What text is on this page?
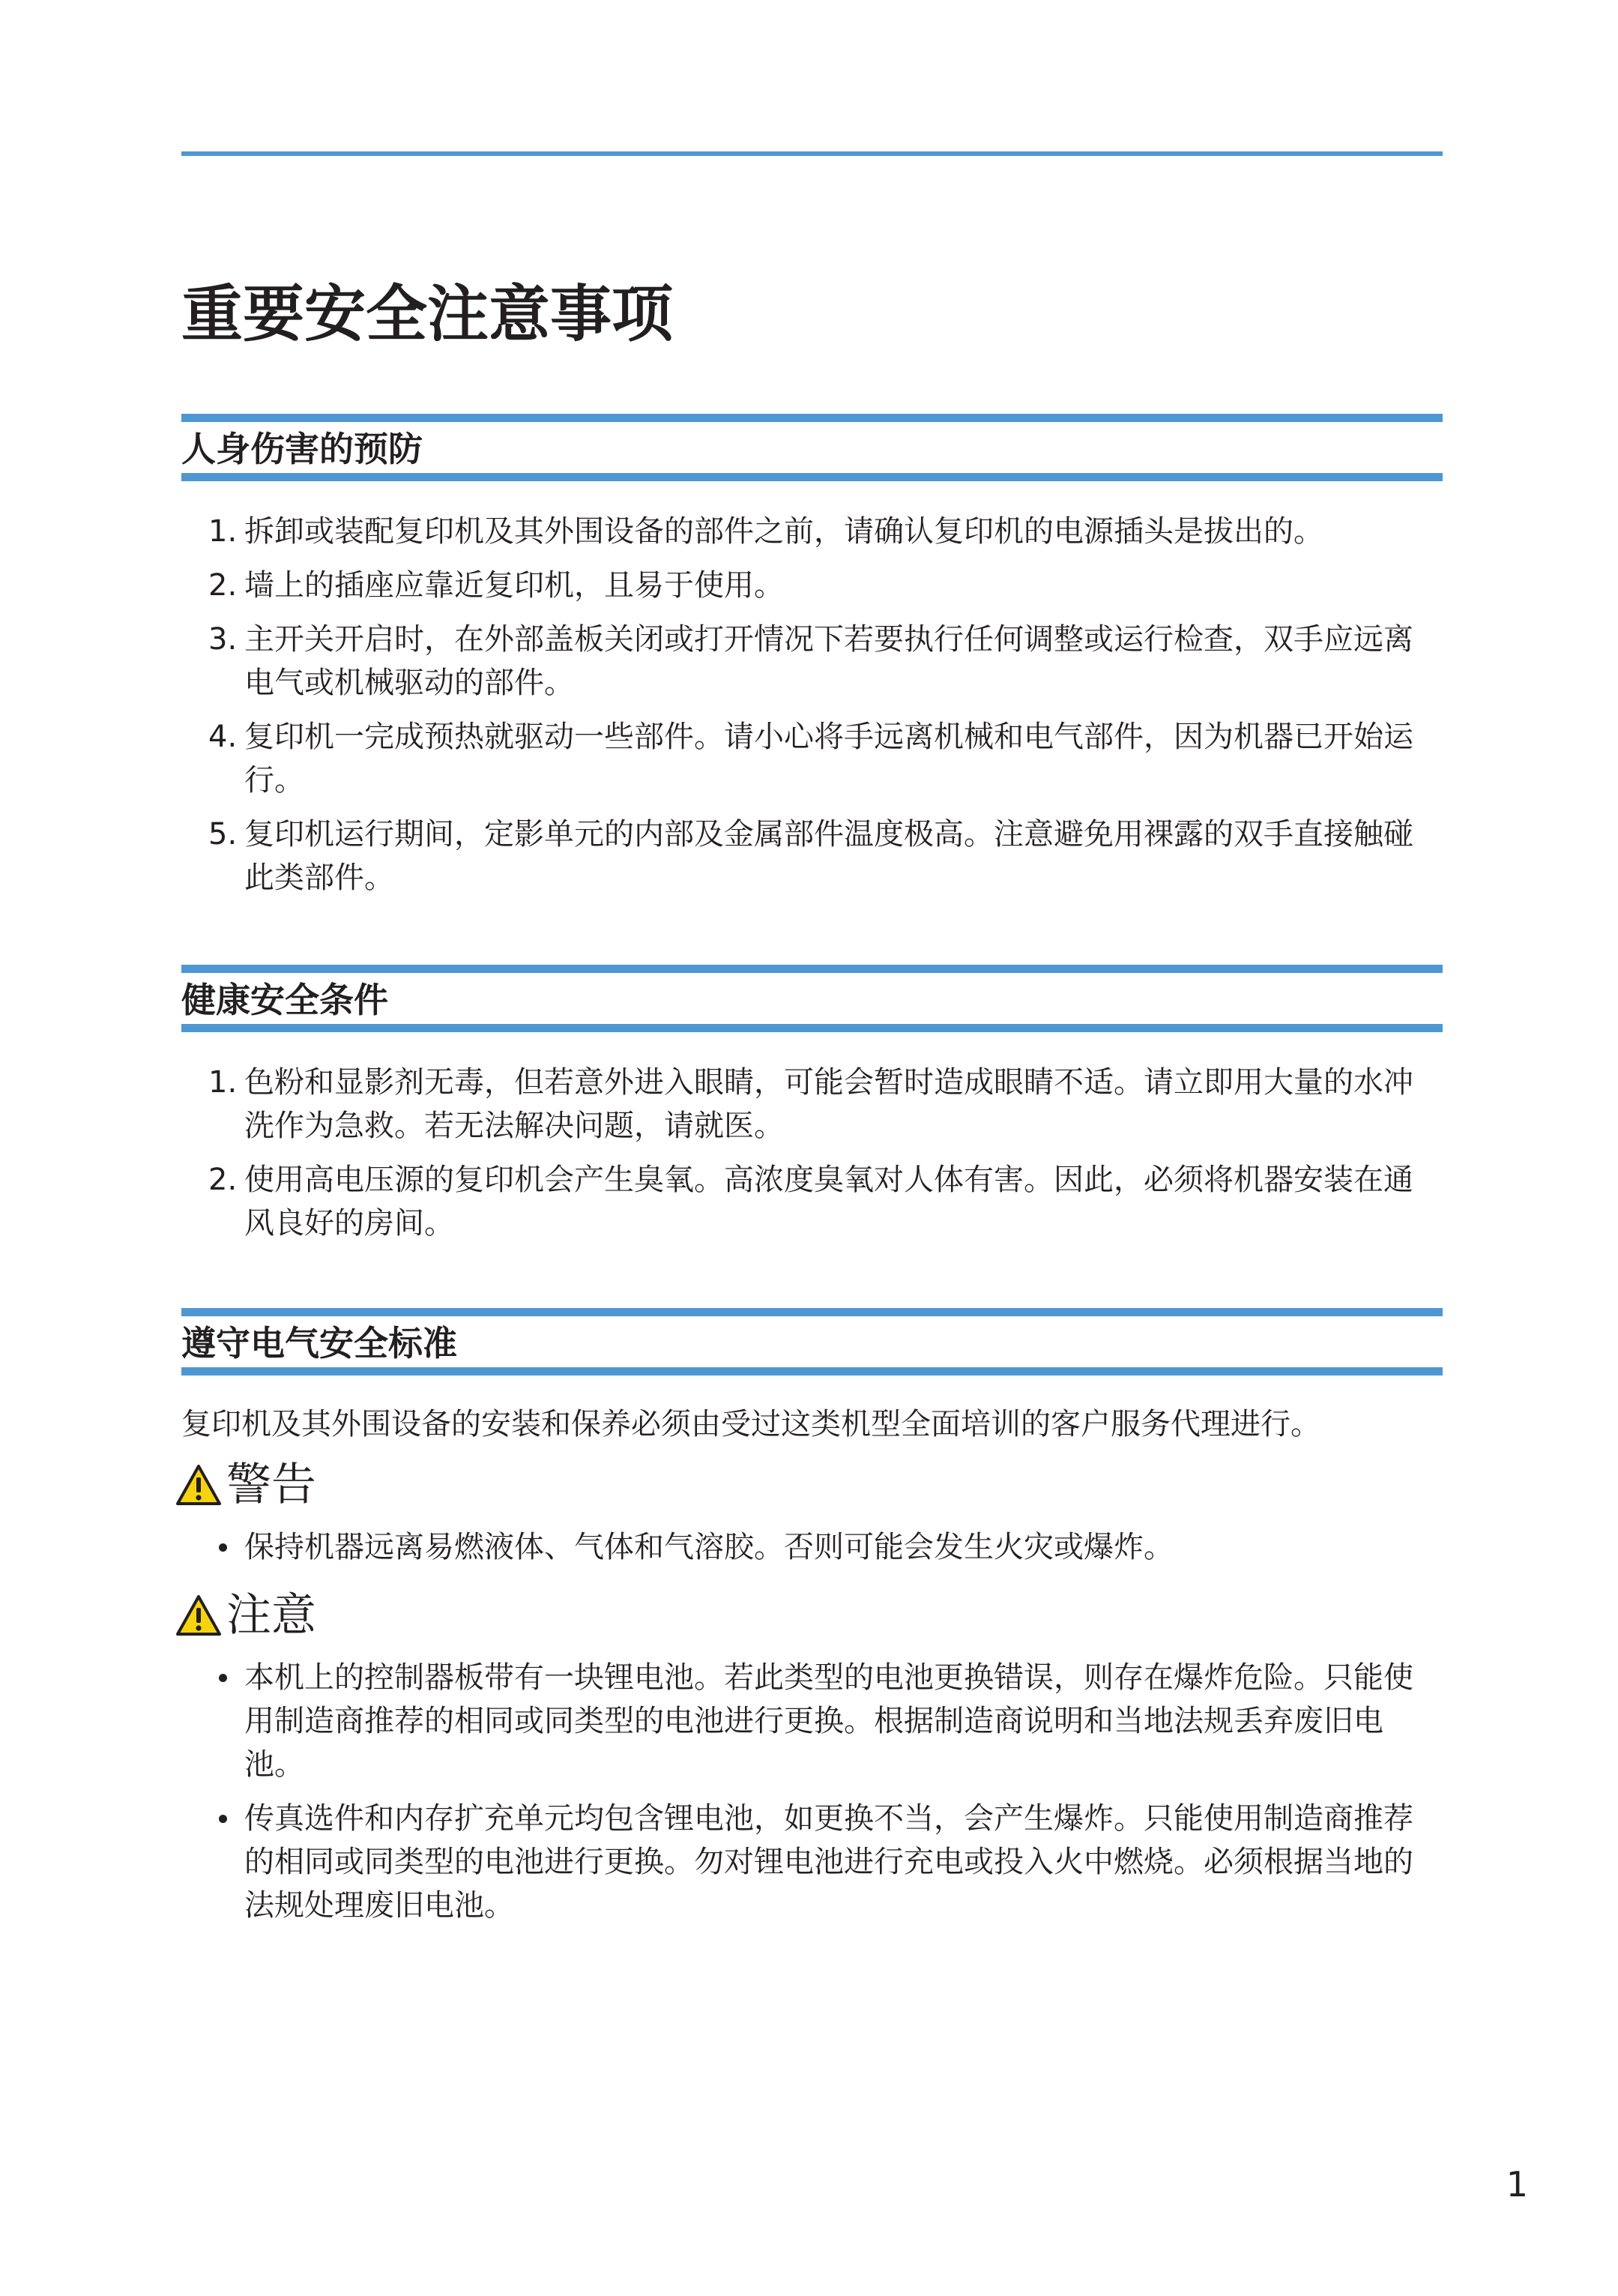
重要安全注意事项
人身伤害的预防
1. 拆卸或装配复印机及其外围设备的部件之前，请确认复印机的电源插头是拔出的。
2. 墙上的插座应靠近复印机，且易于使用。
3. 主开关开启时，在外部盖板关闭或打开情况下若要执行任何调整或运行检查，双手应远离电气或机械驱动的部件。
4. 复印机一完成预热就驱动一些部件。请小心将手远离机械和电气部件，因为机器已开始运行。
5. 复印机运行期间，定影单元的内部及金属部件温度极高。注意避免用裸露的双手直接触碰此类部件。
健康安全条件
1. 色粉和显影剂无毒，但若意外进入眼睛，可能会暂时造成眼睛不适。请立即用大量的水冲洗作为急救。若无法解决问题，请就医。
2. 使用高电压源的复印机会产生臭氧。高浓度臭氧对人体有害。因此，必须将机器安装在通风良好的房间。
遵守电气安全标准

复印机及其外围设备的安装和保养必须由受过这类机型全面培训的客户服务代理进行。

警告
保持机器远离易燃液体、气体和气溶胶。否则可能会发生火灾或爆炸。
注意
本机上的控制器板带有一块锂电池。若此类型的电池更换错误，则存在爆炸危险。只能使用制造商推荐的相同或同类型的电池进行更换。根据制造商说明和当地法规丢弃废旧电池。
传真选件和内存扩充单元均包含锂电池，如更换不当，会产生爆炸。只能使用制造商推荐的相同或同类型的电池进行更换。勿对锂电池进行充电或投入火中燃烧。必须根据当地的法规处理废旧电池。
1
